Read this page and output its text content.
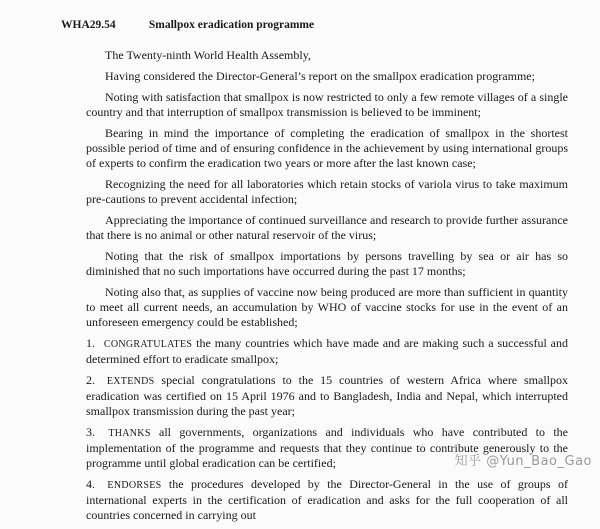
WHA29.54	Smallpox eradication programme

The Twenty-ninth World Health Assembly,

Having considered the Director-General’s report on the smallpox eradication programme;

Noting with satisfaction that smallpox is now restricted to only a few remote villages of a single country and that interruption of smallpox transmission is believed to be imminent;

Bearing in mind the importance of completing the eradication of smallpox in the shortest possible period of time and of ensuring confidence in the achievement by using international groups of experts to confirm the eradication two years or more after the last known case;

Recognizing the need for all laboratories which retain stocks of variola virus to take maximum pre-cautions to prevent accidental infection;

Appreciating the importance of continued surveillance and research to provide further assurance that there is no animal or other natural reservoir of the virus;

Noting that the risk of smallpox importations by persons travelling by sea or air has so diminished that no such importations have occurred during the past 17 months;

Noting also that, as supplies of vaccine now being produced are more than sufficient in quantity to meet all current needs, an accumulation by WHO of vaccine stocks for use in the event of an unforeseen emergency could be established;

1. CONGRATULATES the many countries which have made and are making such a successful and determined effort to eradicate smallpox;

2. EXTENDS special congratulations to the 15 countries of western Africa where smallpox eradication was certified on 15 April 1976 and to Bangladesh, India and Nepal, which interrupted smallpox transmission during the past year;

3. THANKS all governments, organizations and individuals who have contributed to the implementation of the programme and requests that they continue to contribute generously to the programme until global eradication can be certified;

4. ENDORSES the procedures developed by the Director-General in the use of groups of international experts in the certification of eradication and asks for the full cooperation of all countries concerned in carrying out

知乎 @Yun_Bao_Gao
